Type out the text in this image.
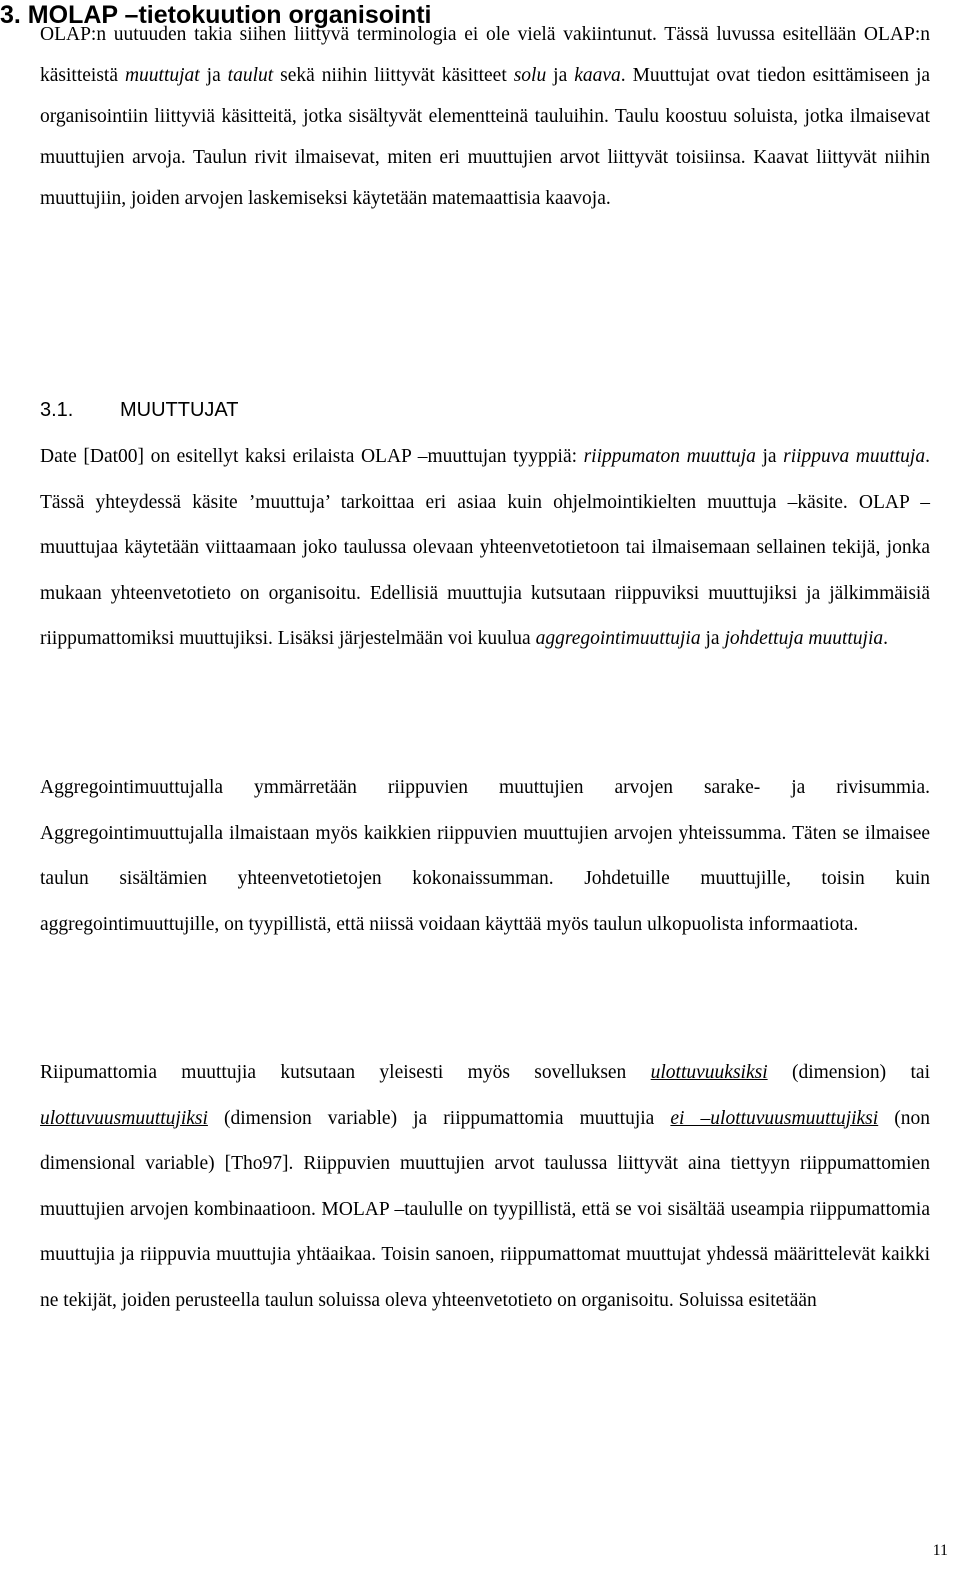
3. MOLAP –tietokuution organisointi

OLAP:n uutuuden takia siihen liittyvä terminologia ei ole vielä vakiintunut. Tässä luvussa esitellään OLAP:n käsitteistä muuttujat ja taulut sekä niihin liittyvät käsitteet solu ja kaava. Muuttujat ovat tiedon esittämiseen ja organisointiin liittyviä käsitteitä, jotka sisältyvät elementteinä tauluihin. Taulu koostuu soluista, jotka ilmaisevat muuttujien arvoja. Taulun rivit ilmaisevat, miten eri muuttujien arvot liittyvät toisiinsa. Kaavat liittyvät niihin muuttujiin, joiden arvojen laskemiseksi käytetään matemaattisia kaavoja.

3.1. MUUTTUJAT

Date [Dat00] on esitellyt kaksi erilaista OLAP –muuttujan tyyppiä: riippumaton muuttuja ja riippuva muuttuja. Tässä yhteydessä käsite ’muuttuja’ tarkoittaa eri asiaa kuin ohjelmointikielten muuttuja –käsite. OLAP –muuttujaa käytetään viittaamaan joko taulussa olevaan yhteenvetotietoon tai ilmaisemaan sellainen tekijä, jonka mukaan yhteenvetotieto on organisoitu. Edellisiä muuttujia kutsutaan riippuviksi muuttujiksi ja jälkimmäisiä riippumattomiksi muuttujiksi. Lisäksi järjestelmään voi kuulua aggregointimuuttujia ja johdettuja muuttujia.

Aggregointimuuttujalla ymmärretään riippuvien muuttujien arvojen sarake- ja rivisummia. Aggregointimuuttujalla ilmaistaan myös kaikkien riippuvien muuttujien arvojen yhteissumma. Täten se ilmaisee taulun sisältämien yhteenvetotietojen kokonaissumman. Johdetuille muuttujille, toisin kuin aggregointimuuttujille, on tyypillistä, että niissä voidaan käyttää myös taulun ulkopuolista informaatiota.

Riipumattomia muuttujia kutsutaan yleisesti myös sovelluksen ulottuvuuksiksi (dimension) tai ulottuvuusmuuttujiksi (dimension variable) ja riippumattomia muuttujia ei –ulottuvuusmuuttujiksi (non dimensional variable) [Tho97]. Riippuvien muuttujien arvot taulussa liittyvät aina tiettyyn riippumattomien muuttujien arvojen kombinaatioon. MOLAP –taululle on tyypillistä, että se voi sisältää useampia riippumattomia muuttujia ja riippuvia muuttujia yhtäaikaa. Toisin sanoen, riippumattomat muuttujat yhdessä määrittelevät kaikki ne tekijät, joiden perusteella taulun soluissa oleva yhteenvetotieto on organisoitu. Soluissa esitetään

11
